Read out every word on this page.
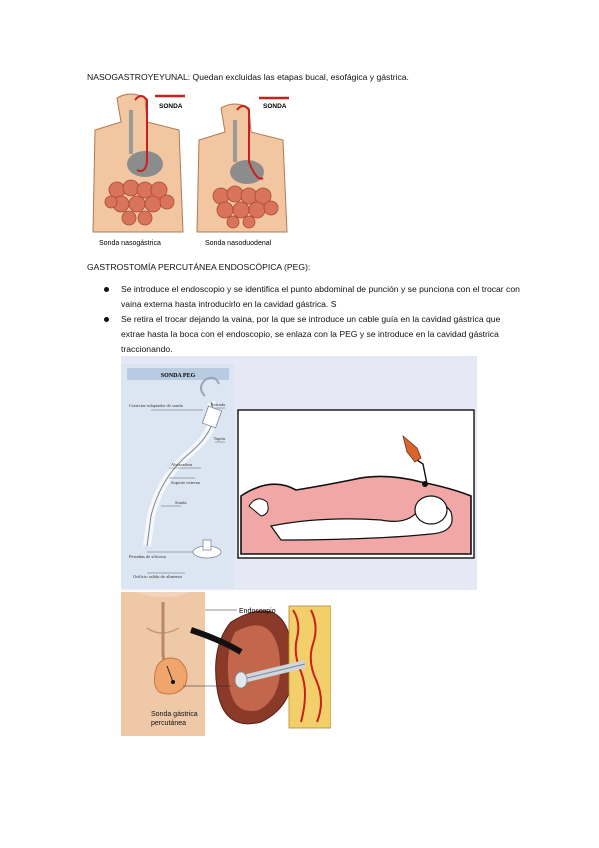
NASOGASTROYEYUNAL: Quedan excluidas las etapas bucal, esofágica y gástrica.
SONDA	SONDA
Sonda nasogástrica	Sonda nasoduodenal
GASTROSTOMÍA PERCUTÁNEA ENDOSCÓPICA (PEG):
Se introduce el endoscopio y se identifica el punto abdominal de punción y se punciona con el trocar con vaina externa hasta introducirlo en la cavidad gástrica. S
Se retira el trocar dejando la vaina, por la que se introduce un cable guía en la cavidad gástrica que extrae hasta la boca con el endoscopio, se enlaza con la PEG y se introduce en la cavidad gástrica traccionando.
SONDA PEG
Conector-adaptador de sonda	Entrada
Tapón
Abrazadera
Soporte externo
Sonda
Pestañas de silicona
Orificio salida de alimento
Endoscopio
Sonda gástrica percutánea
